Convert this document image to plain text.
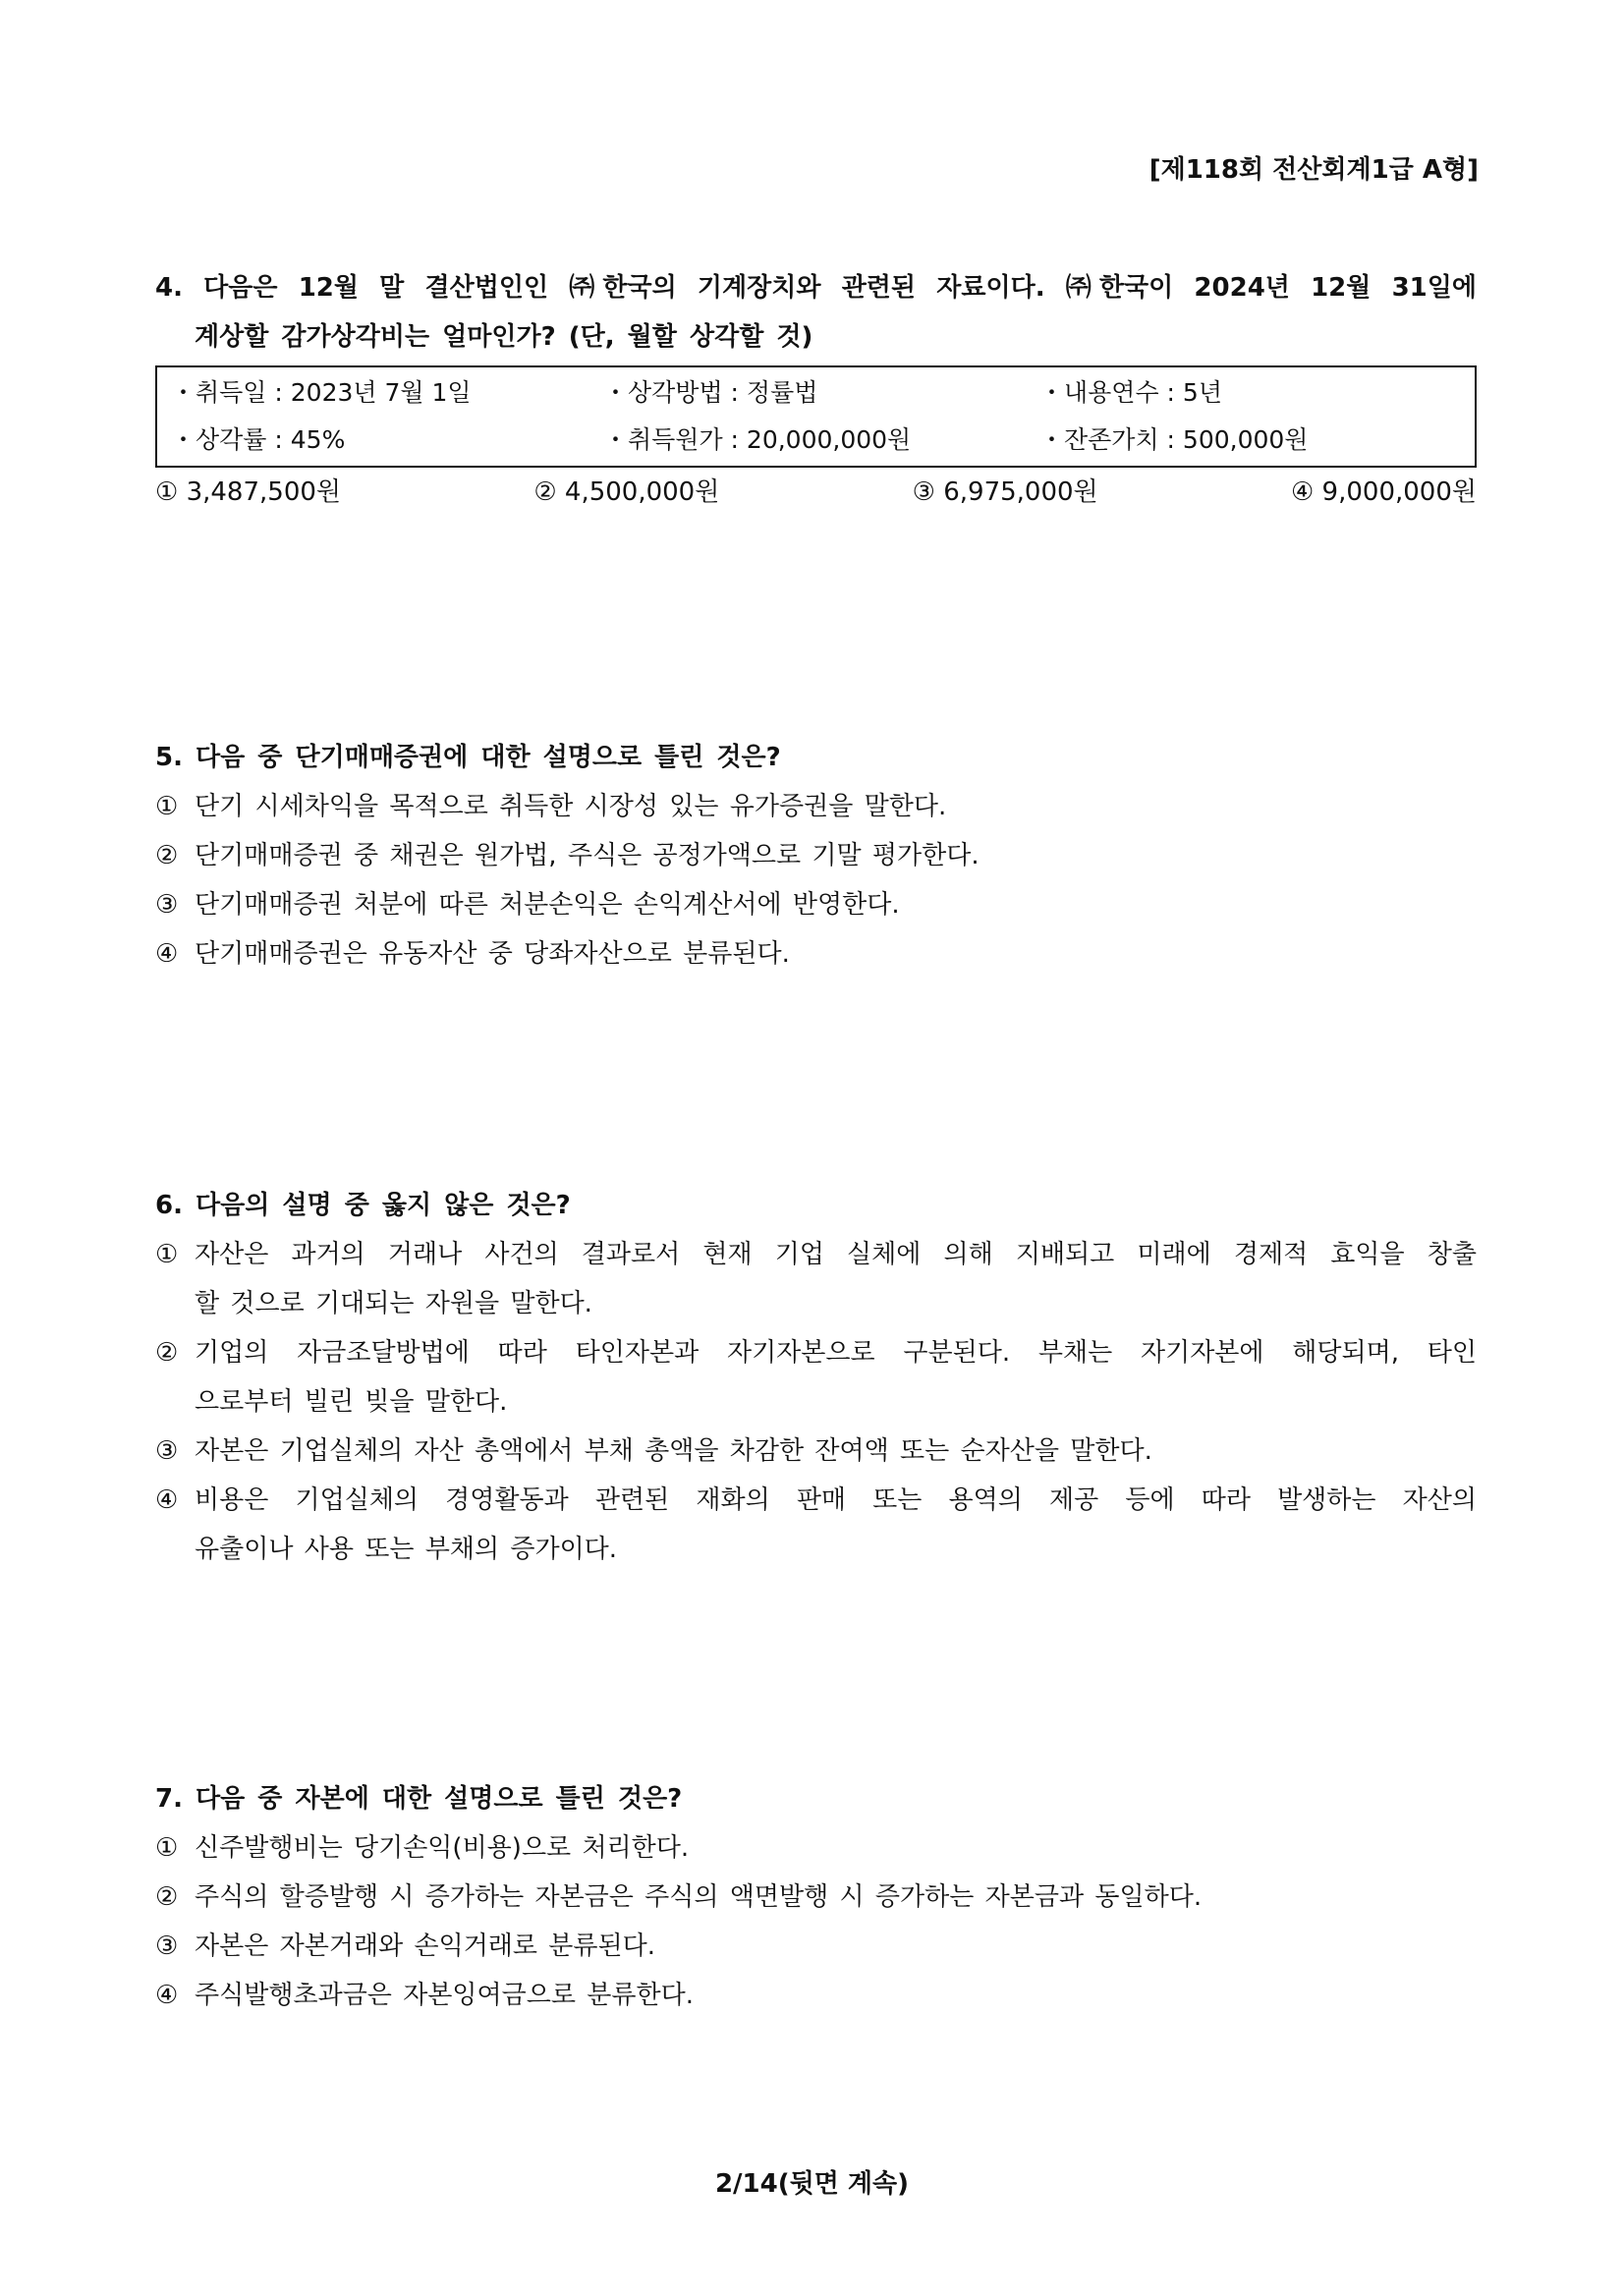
[제118회 전산회계1급 A형]
4. 다음은 12월 말 결산법인인 ㈜한국의 기계장치와 관련된 자료이다. ㈜한국이 2024년 12월 31일에
계상할 감가상각비는 얼마인가? (단, 월할 상각할 것)
・취득일 : 2023년 7월 1일	・상각방법 : 정률법	・내용연수 : 5년
・상각률 : 45%	・취득원가 : 20,000,000원	・잔존가치 : 500,000원
① 3,487,500원	② 4,500,000원	③ 6,975,000원	④ 9,000,000원
5. 다음 중 단기매매증권에 대한 설명으로 틀린 것은?
① 단기 시세차익을 목적으로 취득한 시장성 있는 유가증권을 말한다.
② 단기매매증권 중 채권은 원가법, 주식은 공정가액으로 기말 평가한다.
③ 단기매매증권 처분에 따른 처분손익은 손익계산서에 반영한다.
④ 단기매매증권은 유동자산 중 당좌자산으로 분류된다.
6. 다음의 설명 중 옳지 않은 것은?
① 자산은 과거의 거래나 사건의 결과로서 현재 기업 실체에 의해 지배되고 미래에 경제적 효익을 창출
할 것으로 기대되는 자원을 말한다.
② 기업의 자금조달방법에 따라 타인자본과 자기자본으로 구분된다. 부채는 자기자본에 해당되며, 타인
으로부터 빌린 빚을 말한다.
③ 자본은 기업실체의 자산 총액에서 부채 총액을 차감한 잔여액 또는 순자산을 말한다.
④ 비용은 기업실체의 경영활동과 관련된 재화의 판매 또는 용역의 제공 등에 따라 발생하는 자산의
유출이나 사용 또는 부채의 증가이다.
7. 다음 중 자본에 대한 설명으로 틀린 것은?
① 신주발행비는 당기손익(비용)으로 처리한다.
② 주식의 할증발행 시 증가하는 자본금은 주식의 액면발행 시 증가하는 자본금과 동일하다.
③ 자본은 자본거래와 손익거래로 분류된다.
④ 주식발행초과금은 자본잉여금으로 분류한다.
2/14(뒷면 계속)
